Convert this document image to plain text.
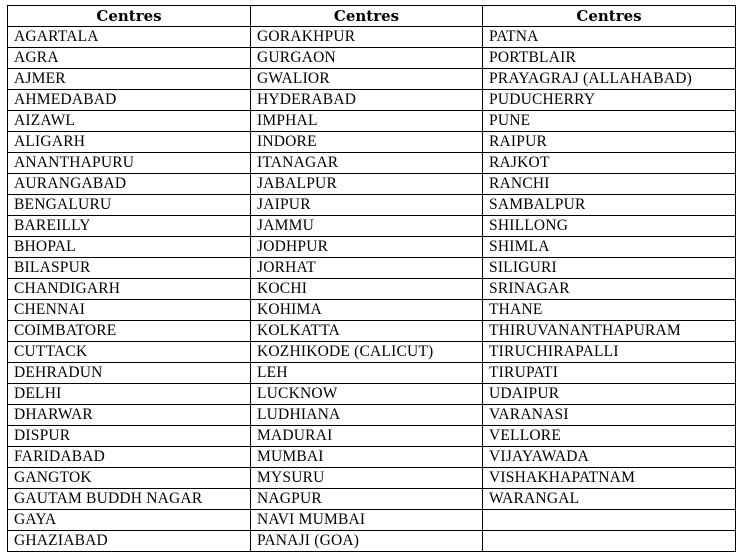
Centres	Centres	Centres
AGARTALA	GORAKHPUR	PATNA
AGRA	GURGAON	PORTBLAIR
AJMER	GWALIOR	PRAYAGRAJ (ALLAHABAD)
AHMEDABAD	HYDERABAD	PUDUCHERRY
AIZAWL	IMPHAL	PUNE
ALIGARH	INDORE	RAIPUR
ANANTHAPURU	ITANAGAR	RAJKOT
AURANGABAD	JABALPUR	RANCHI
BENGALURU	JAIPUR	SAMBALPUR
BAREILLY	JAMMU	SHILLONG
BHOPAL	JODHPUR	SHIMLA
BILASPUR	JORHAT	SILIGURI
CHANDIGARH	KOCHI	SRINAGAR
CHENNAI	KOHIMA	THANE
COIMBATORE	KOLKATTA	THIRUVANANTHAPURAM
CUTTACK	KOZHIKODE (CALICUT)	TIRUCHIRAPALLI
DEHRADUN	LEH	TIRUPATI
DELHI	LUCKNOW	UDAIPUR
DHARWAR	LUDHIANA	VARANASI
DISPUR	MADURAI	VELLORE
FARIDABAD	MUMBAI	VIJAYAWADA
GANGTOK	MYSURU	VISHAKHAPATNAM
GAUTAM BUDDH NAGAR	NAGPUR	WARANGAL
GAYA	NAVI MUMBAI	
GHAZIABAD	PANAJI (GOA)	
